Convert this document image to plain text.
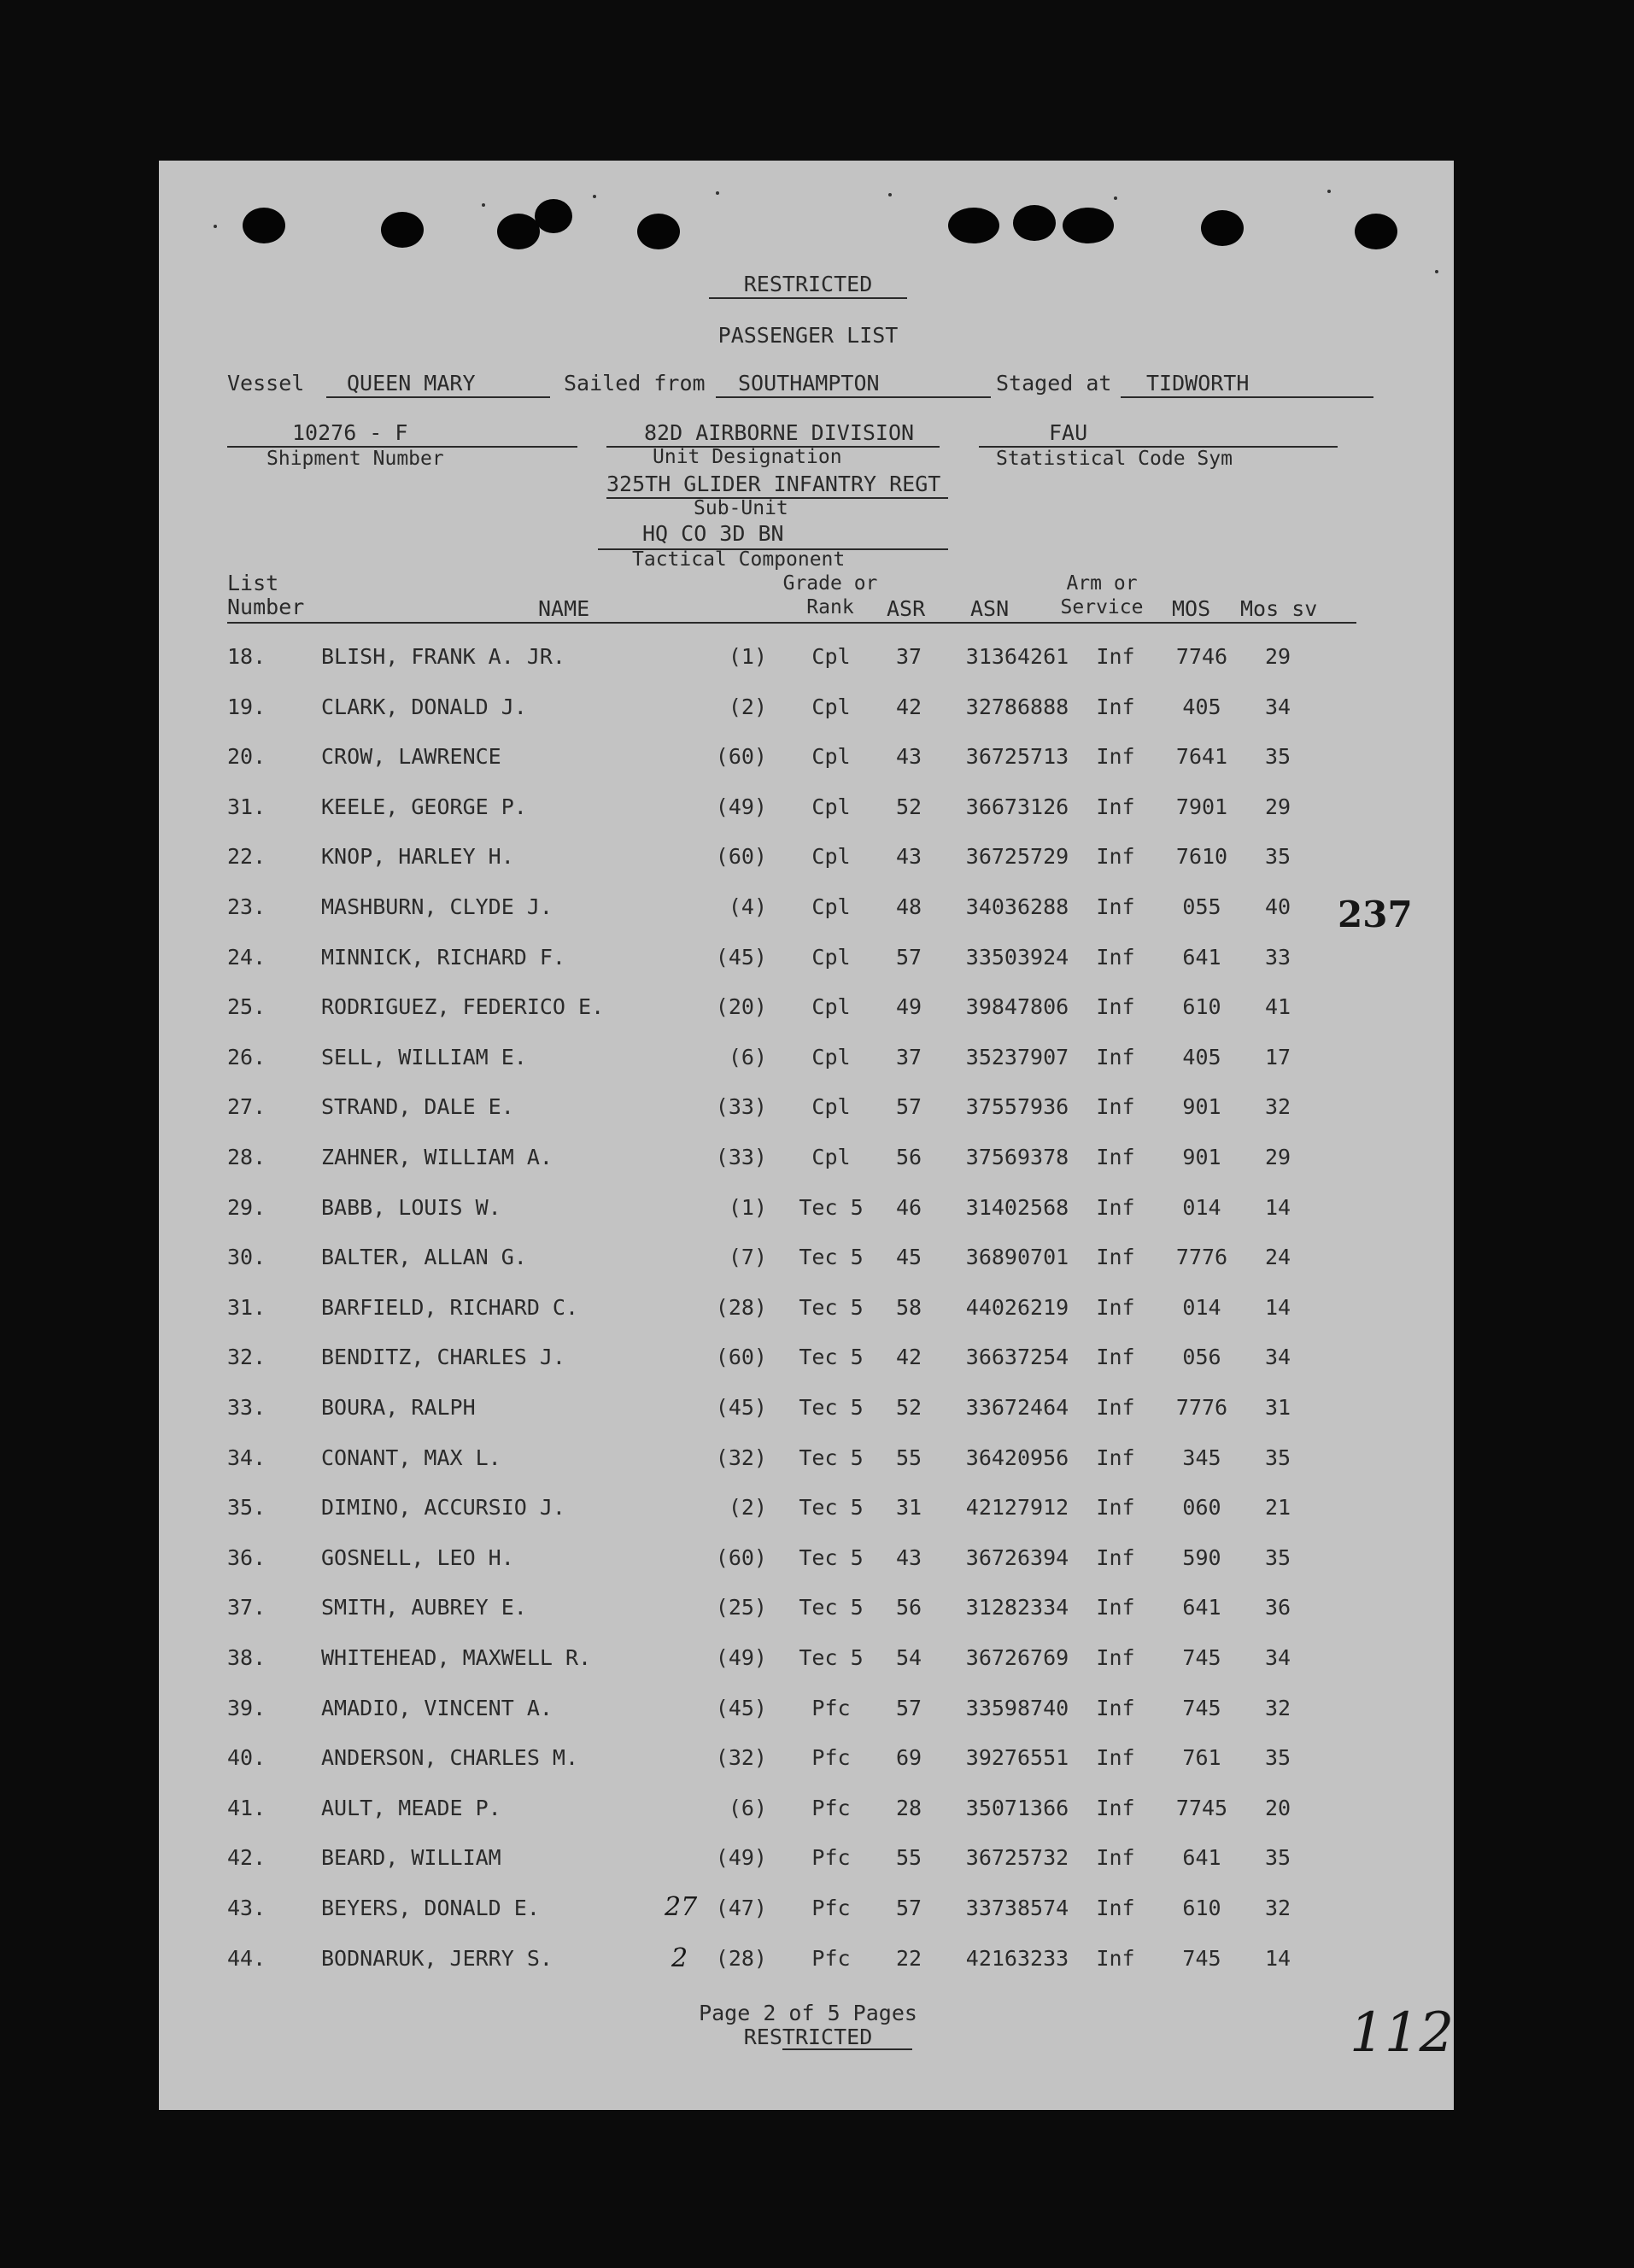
RESTRICTED
PASSENGER LIST
Vessel QUEEN MARY	Sailed from SOUTHAMPTON	Staged at TIDWORTH
10276 - F
Shipment Number
82D AIRBORNE DIVISION
Unit Designation
325TH GLIDER INFANTRY REGT
Sub-Unit
HQ CO 3D BN
Tactical Component
FAU
Statistical Code Sym
List
Number	NAME
Grade or
Rank	ASR ASN
Arm or
Service	MOS Mos sv
18.	BLISH, FRANK A. JR.	(1)	Cpl	37	31364261	Inf	7746	29
19.	CLARK, DONALD J.	(2)	Cpl	42	32786888	Inf	405	34
20.	CROW, LAWRENCE	(60)	Cpl	43	36725713	Inf	7641	35
31.	KEELE, GEORGE P.	(49)	Cpl	52	36673126	Inf	7901	29
22.	KNOP, HARLEY H.	(60)	Cpl	43	36725729	Inf	7610	35
23.	MASHBURN, CLYDE J.	(4)	Cpl	48	34036288	Inf	055	40
24.	MINNICK, RICHARD F.	(45)	Cpl	57	33503924	Inf	641	33
25.	RODRIGUEZ, FEDERICO E.	(20)	Cpl	49	39847806	Inf	610	41
26.	SELL, WILLIAM E.	(6)	Cpl	37	35237907	Inf	405	17
27.	STRAND, DALE E.	(33)	Cpl	57	37557936	Inf	901	32
28.	ZAHNER, WILLIAM A.	(33)	Cpl	56	37569378	Inf	901	29
29.	BABB, LOUIS W.	(1)	Tec 5	46	31402568	Inf	014	14
30.	BALTER, ALLAN G.	(7)	Tec 5	45	36890701	Inf	7776	24
31.	BARFIELD, RICHARD C.	(28)	Tec 5	58	44026219	Inf	014	14
32.	BENDITZ, CHARLES J.	(60)	Tec 5	42	36637254	Inf	056	34
33.	BOURA, RALPH	(45)	Tec 5	52	33672464	Inf	7776	31
34.	CONANT, MAX L.	(32)	Tec 5	55	36420956	Inf	345	35
35.	DIMINO, ACCURSIO J.	(2)	Tec 5	31	42127912	Inf	060	21
36.	GOSNELL, LEO H.	(60)	Tec 5	43	36726394	Inf	590	35
37.	SMITH, AUBREY E.	(25)	Tec 5	56	31282334	Inf	641	36
38.	WHITEHEAD, MAXWELL R.	(49)	Tec 5	54	36726769	Inf	745	34
39.	AMADIO, VINCENT A.	(45)	Pfc	57	33598740	Inf	745	32
40.	ANDERSON, CHARLES M.	(32)	Pfc	69	39276551	Inf	761	35
41.	AULT, MEADE P.	(6)	Pfc	28	35071366	Inf	7745	20
42.	BEARD, WILLIAM	(49)	Pfc	55	36725732	Inf	641	35
43.	BEYERS, DONALD E.	(47)	Pfc	57	33738574	Inf	610	32
44.	BODNARUK, JERRY S.	(28)	Pfc	22	42163233	Inf	745	14
237
27
2
112
Page 2 of 5 Pages
RESTRICTED
